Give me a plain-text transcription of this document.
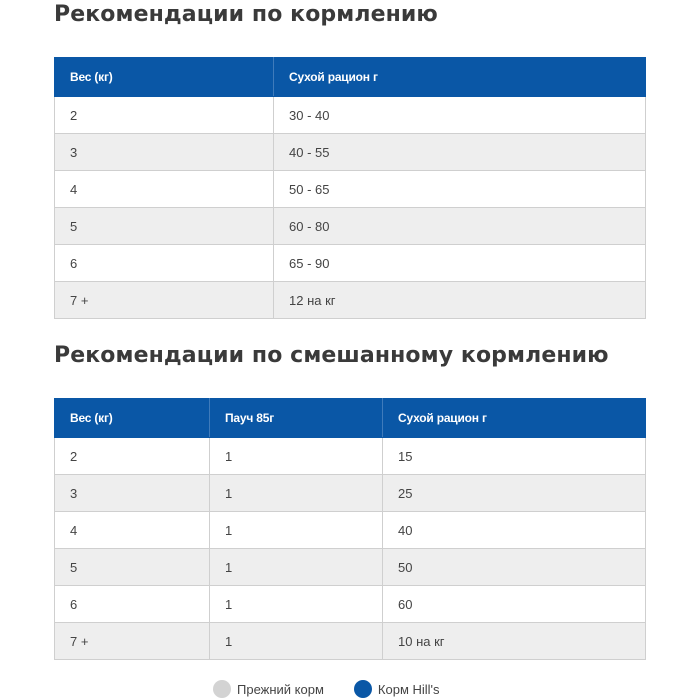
Рекомендации по кормлению
Вес (кг)	Сухой рацион г
2	30 - 40
3	40 - 55
4	50 - 65
5	60 - 80
6	65 - 90
7 +	12 на кг
Рекомендации по смешанному кормлению
Вес (кг)	Пауч 85г	Сухой рацион г
2	1	15
3	1	25
4	1	40
5	1	50
6	1	60
7 +	1	10 на кг
Прежний корм	Корм Hill's
